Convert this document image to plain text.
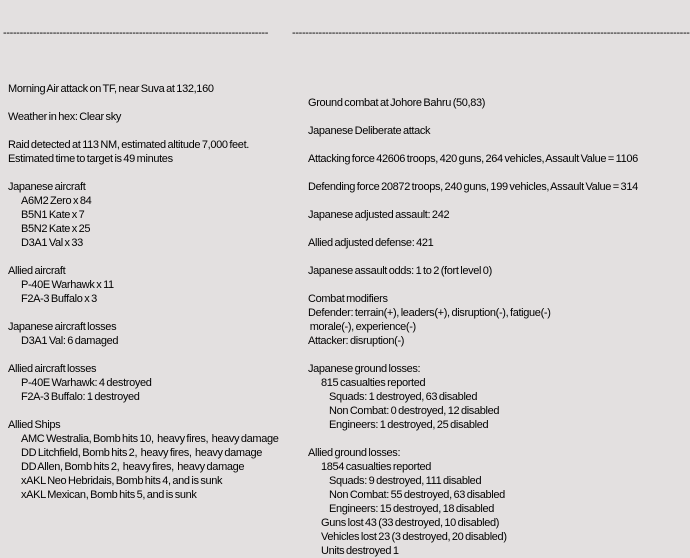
--------------------------------------------------------------------------------

Morning Air attack on TF, near Suva at 132,160
Weather in hex: Clear sky
Raid detected at 113 NM, estimated altitude 7,000 feet.
Estimated time to target is 49 minutes
Japanese aircraft
A6M2 Zero x 84
B5N1 Kate x 7
B5N2 Kate x 25
D3A1 Val x 33
Allied aircraft
P-40E Warhawk x 11
F2A-3 Buffalo x 3
Japanese aircraft losses
D3A1 Val: 6 damaged
Allied aircraft losses
P-40E Warhawk: 4 destroyed
F2A-3 Buffalo: 1 destroyed
Allied Ships
AMC Westralia, Bomb hits 10,  heavy fires,  heavy damage
DD Litchfield, Bomb hits 2,  heavy fires,  heavy damage
DD Allen, Bomb hits 2,  heavy fires,  heavy damage
xAKL Neo Hebridais, Bomb hits 4, and is sunk
xAKL Mexican, Bomb hits 5, and is sunk

------------------------------------------------------------------------------------------------------------------------

Ground combat at Johore Bahru (50,83)
Japanese Deliberate attack
Attacking force 42606 troops, 420 guns, 264 vehicles, Assault Value = 1106
Defending force 20872 troops, 240 guns, 199 vehicles, Assault Value = 314
Japanese adjusted assault: 242
Allied adjusted defense: 421
Japanese assault odds: 1 to 2 (fort level 0)
Combat modifiers
Defender: terrain(+), leaders(+), disruption(-), fatigue(-)
morale(-), experience(-)
Attacker: disruption(-)
Japanese ground losses:
815 casualties reported
Squads: 1 destroyed, 63 disabled
Non Combat: 0 destroyed, 12 disabled
Engineers: 1 destroyed, 25 disabled
Allied ground losses:
1854 casualties reported
Squads: 9 destroyed, 111 disabled
Non Combat: 55 destroyed, 63 disabled
Engineers: 15 destroyed, 18 disabled
Guns lost 43 (33 destroyed, 10 disabled)
Vehicles lost 23 (3 destroyed, 20 disabled)
Units destroyed 1
